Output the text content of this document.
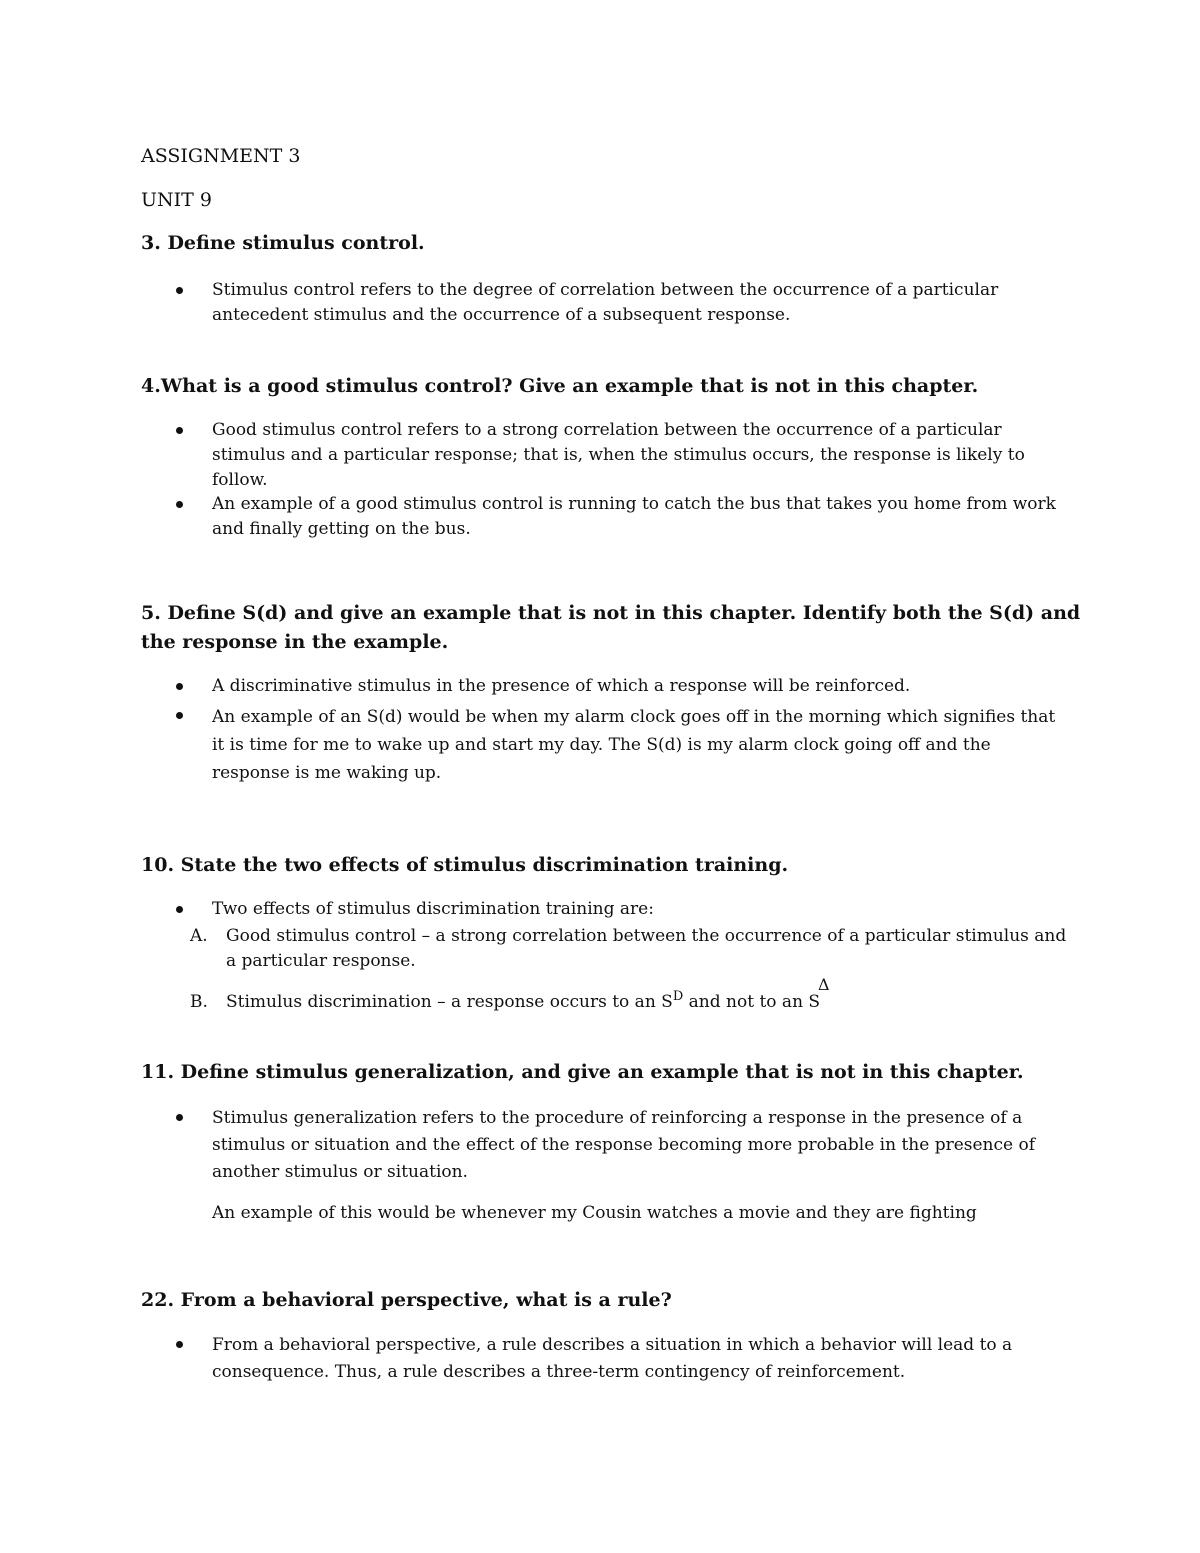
ASSIGNMENT 3

UNIT 9

3. Define stimulus control.

Stimulus control refers to the degree of correlation between the occurrence of a particular antecedent stimulus and the occurrence of a subsequent response.

4.What is a good stimulus control? Give an example that is not in this chapter.

Good stimulus control refers to a strong correlation between the occurrence of a particular stimulus and a particular response; that is, when the stimulus occurs, the response is likely to follow.

An example of a good stimulus control is running to catch the bus that takes you home from work and finally getting on the bus.

5. Define S(d) and give an example that is not in this chapter. Identify both the S(d) and the response in the example.

A discriminative stimulus in the presence of which a response will be reinforced.

An example of an S(d) would be when my alarm clock goes off in the morning which signifies that it is time for me to wake up and start my day. The S(d) is my alarm clock going off and the response is me waking up.

10. State the two effects of stimulus discrimination training.

Two effects of stimulus discrimination training are:

A. Good stimulus control – a strong correlation between the occurrence of a particular stimulus and a particular response.

B. Stimulus discrimination – a response occurs to an $S^D$ and not to an S

Δ

11. Define stimulus generalization, and give an example that is not in this chapter.

Stimulus generalization refers to the procedure of reinforcing a response in the presence of a stimulus or situation and the effect of the response becoming more probable in the presence of another stimulus or situation.

An example of this would be whenever my Cousin watches a movie and they are fighting

22. From a behavioral perspective, what is a rule?

From a behavioral perspective, a rule describes a situation in which a behavior will lead to a consequence. Thus, a rule describes a three-term contingency of reinforcement.
